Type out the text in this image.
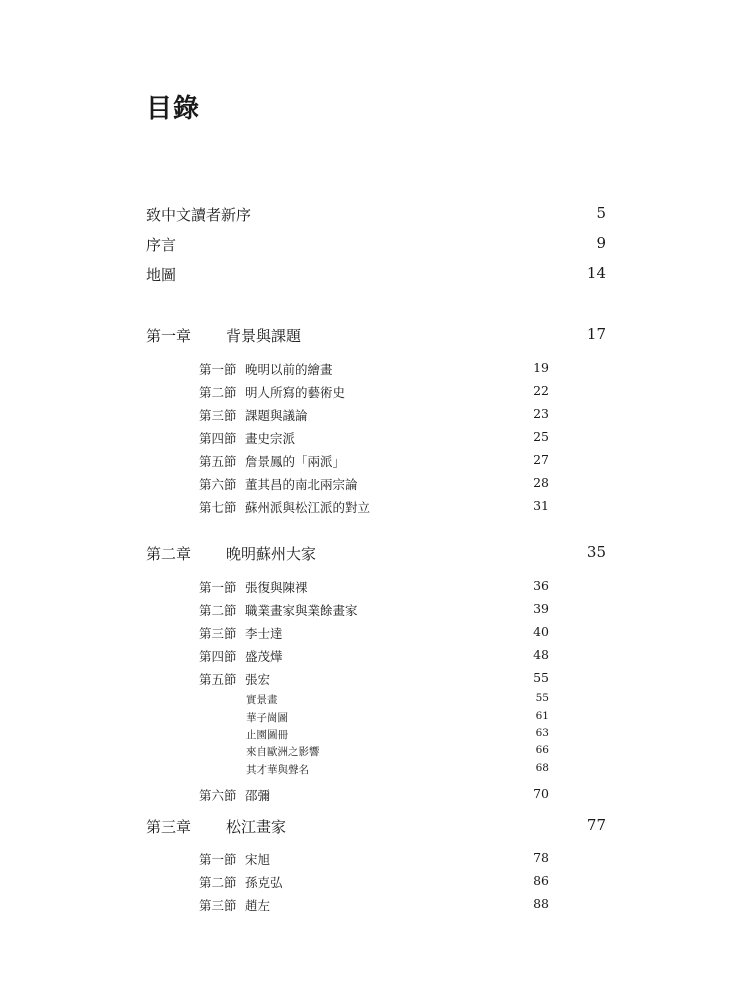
目錄
致中文讀者新序	5
序言	9
地圖	14
第一章 背景與課題	17
第一節 晚明以前的繪畫	19
第二節 明人所寫的藝術史	22
第三節 課題與議論	23
第四節 畫史宗派	25
第五節 詹景鳳的「兩派」	27
第六節 董其昌的南北兩宗論	28
第七節 蘇州派與松江派的對立	31
第二章 晚明蘇州大家	35
第一節 張復與陳裸	36
第二節 職業畫家與業餘畫家	39
第三節 李士達	40
第四節 盛茂燁	48
第五節 張宏	55
實景畫	55
華子崗圖	61
止園圖冊	63
來自歐洲之影響	66
其才華與聲名	68
第六節 邵彌	70
第三章 松江畫家	77
第一節 宋旭	78
第二節 孫克弘	86
第三節 趙左	88
